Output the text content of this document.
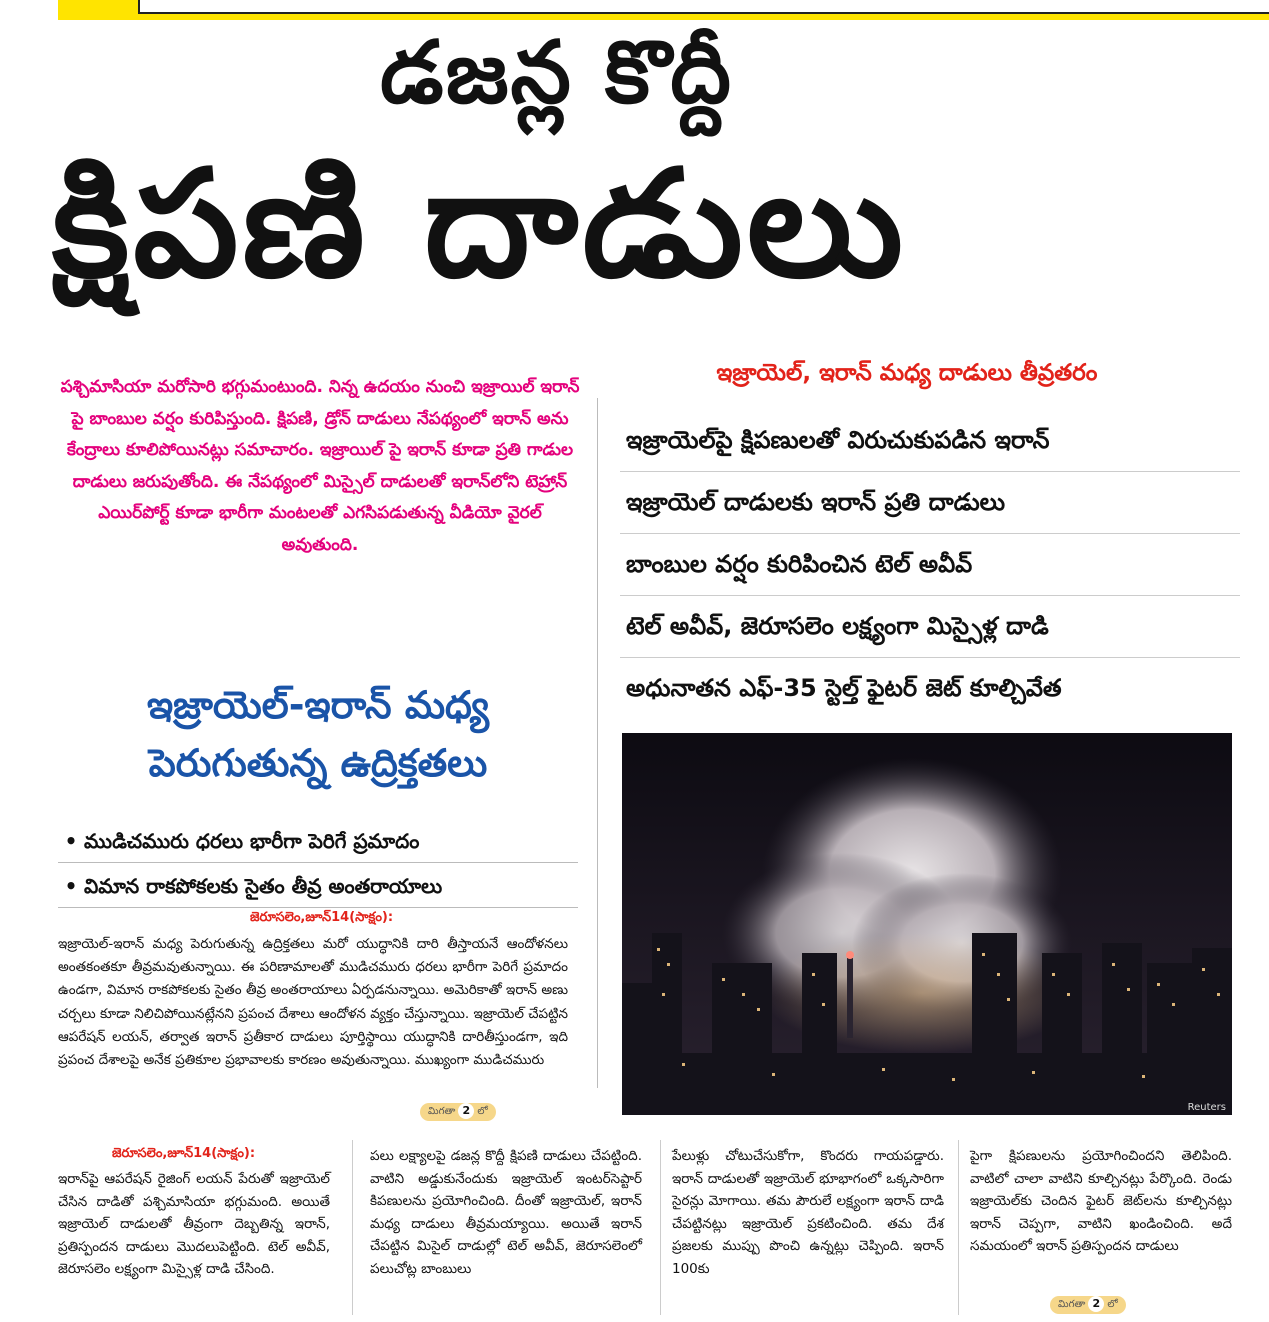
డజన్ల కొద్దీ
క్షిపణి దాడులు
పశ్చిమాసియా మరోసారి భగ్గుమంటుంది. నిన్న ఉదయం నుంచి ఇజ్రాయిల్ ఇరాన్ పై బాంబుల వర్షం కురిపిస్తుంది. క్షిపణి, డ్రోన్ దాడులు నేపథ్యంలో ఇరాన్ అను కేంద్రాలు కూలిపోయినట్లు సమాచారం. ఇజ్రాయిల్ పై ఇరాన్ కూడా ప్రతి గాడుల దాడులు జరుపుతోంది. ఈ నేపథ్యంలో మిస్సైల్ దాడులతో ఇరాన్‌లోని టెహ్రాన్ ఎయిర్‌పోర్ట్ కూడా భారీగా మంటలతో ఎగసిపడుతున్న వీడియో వైరల్ అవుతుంది.
ఇజ్రాయెల్, ఇరాన్ మధ్య దాడులు తీవ్రతరం
ఇజ్రాయెల్‌పై క్షిపణులతో విరుచుకుపడిన ఇరాన్
ఇజ్రాయెల్ దాడులకు ఇరాన్ ప్రతి దాడులు
బాంబుల వర్షం కురిపించిన టెల్ అవీవ్
టెల్ అవీవ్, జెరూసలెం లక్ష్యంగా మిస్సైళ్ల దాడి
అధునాతన ఎఫ్-35 స్టెల్త్ ఫైటర్ జెట్ కూల్చివేత
ఇజ్రాయెల్-ఇరాన్ మధ్య
పెరుగుతున్న ఉద్రిక్తతలు
• ముడిచమురు ధరలు భారీగా పెరిగే ప్రమాదం
• విమాన రాకపోకలకు సైతం తీవ్ర అంతరాయాలు
జెరూసలెం,జూన్14(సాక్షం):

ఇజ్రాయెల్-ఇరాన్ మధ్య పెరుగుతున్న ఉద్రిక్తతలు మరో యుద్ధానికి దారి తీస్తాయనే ఆందోళనలు అంతకంతకూ తీవ్రమవుతున్నాయి. ఈ పరిణామాలతో ముడిచమురు ధరలు భారీగా పెరిగే ప్రమాదం ఉండగా, విమాన రాకపోకలకు సైతం తీవ్ర అంతరాయాలు ఏర్పడనున్నాయి. అమెరికాతో ఇరాన్ అణు చర్చలు కూడా నిలిచిపోయినట్లేనని ప్రపంచ దేశాలు ఆందోళన వ్యక్తం చేస్తున్నాయి. ఇజ్రాయెల్ చేపట్టిన ఆపరేషన్ లయన్, తర్వాత ఇరాన్ ప్రతీకార దాడులు పూర్తిస్థాయి యుద్ధానికి దారితీస్తుండగా, ఇది ప్రపంచ దేశాలపై అనేక ప్రతికూల ప్రభావాలకు కారణం అవుతున్నాయి. ముఖ్యంగా ముడిచమురు

మిగతా 2 లో	Reuters
జెరూసలెం,జూన్14(సాక్షం):

ఇరాన్‌పై ఆపరేషన్ రైజింగ్ లయన్ పేరుతో ఇజ్రాయెల్ చేసిన దాడితో పశ్చిమాసియా భగ్గుమంది. అయితే ఇజ్రాయెల్ దాడులతో తీవ్రంగా దెబ్బతిన్న ఇరాన్, ప్రతిస్పందన దాడులు మొదలుపెట్టింది. టెల్ అవీవ్, జెరూసలెం లక్ష్యంగా మిస్సైళ్ల దాడి చేసింది.

పలు లక్ష్యాలపై డజన్ల కొద్దీ క్షిపణి దాడులు చేపట్టింది. వాటిని అడ్డుకునేందుకు ఇజ్రాయెల్ ఇంటర్‌సెప్టార్ కిపణులను ప్రయోగించింది. దీంతో ఇజ్రాయెల్, ఇరాన్ మధ్య దాడులు తీవ్రమయ్యాయి. అయితే ఇరాన్ చేపట్టిన మిసైల్ దాడుల్లో టెల్ అవీవ్, జెరూసలెంలో పలుచోట్ల బాంబులు

పేలుళ్లు చోటుచేసుకోగా, కొందరు గాయపడ్డారు. ఇరాన్ దాడులతో ఇజ్రాయెల్ భూభాగంలో ఒక్కసారిగా సైరన్లు మోగాయి. తమ పౌరులే లక్ష్యంగా ఇరాన్ దాడి చేపట్టినట్లు ఇజ్రాయెల్ ప్రకటించింది. తమ దేశ ప్రజలకు ముప్పు పొంచి ఉన్నట్లు చెప్పింది. ఇరాన్ 100కు

పైగా క్షిపణులను ప్రయోగించిందని తెలిపింది. వాటిలో చాలా వాటిని కూల్చినట్లు పేర్కొంది. రెండు ఇజ్రాయెల్‌కు చెందిన ఫైటర్ జెట్‌లను కూల్చినట్లు ఇరాన్ చెప్పగా, వాటిని ఖండించింది. అదే సమయంలో ఇరాన్ ప్రతిస్పందన దాడులు

మిగతా 2 లో
